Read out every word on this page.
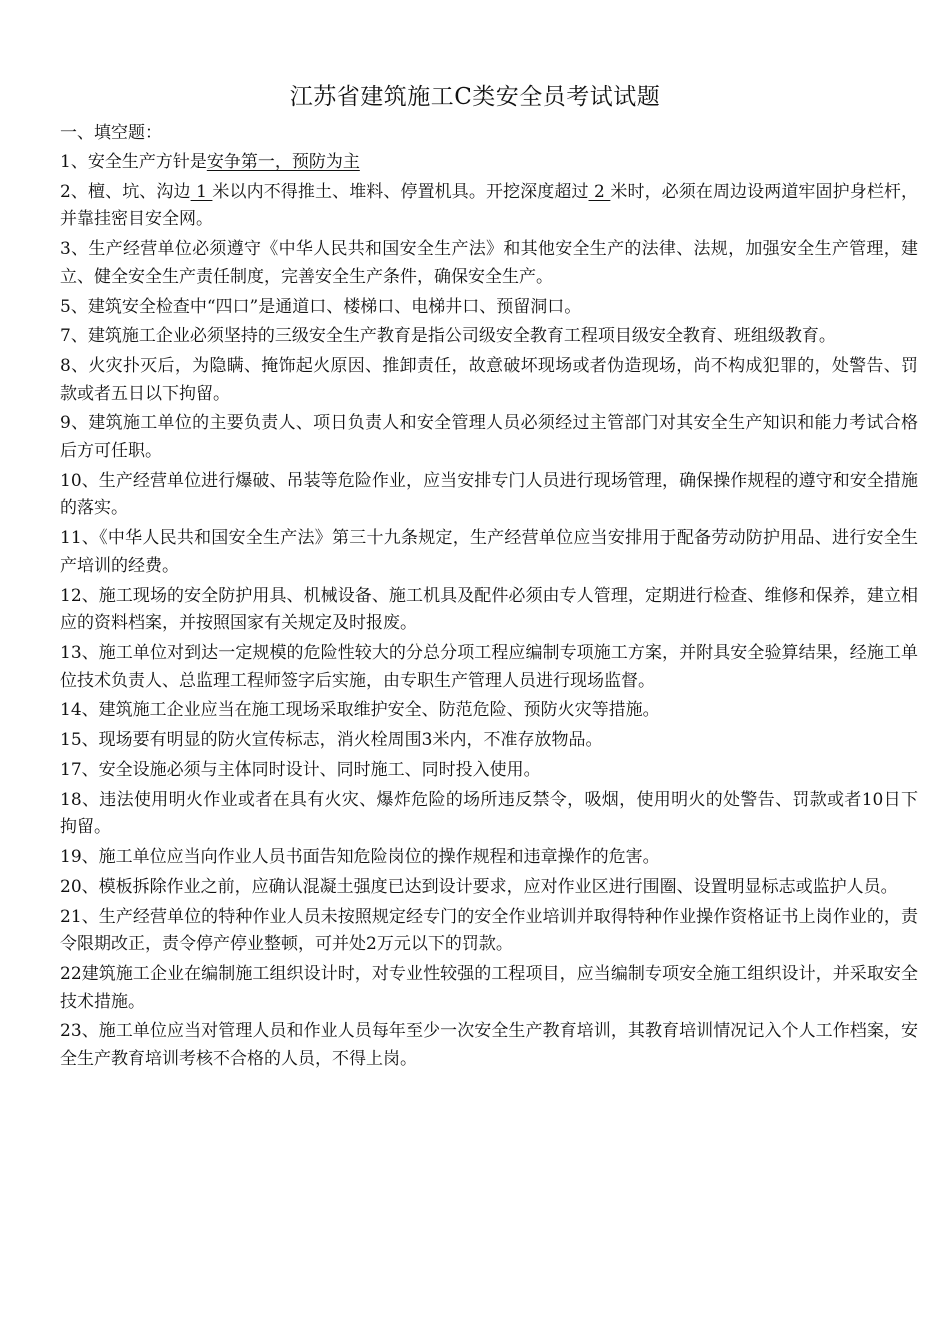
江苏省建筑施工C类安全员考试试题

一、填空题：

1、安全生产方针是安争第一，预防为主

2、檀、坑、沟边 1 米以内不得推土、堆料、停置机具。开挖深度超过 2 米时，必须在周边设两道牢固护身栏杆，并靠挂密目安全网。

3、生产经营单位必须遵守《中华人民共和国安全生产法》和其他安全生产的法律、法规，加强安全生产管理，建立、健全安全生产责任制度，完善安全生产条件，确保安全生产。

5、建筑安全检查中“四口”是通道口、楼梯口、电梯井口、预留洞口。

7、建筑施工企业必须坚持的三级安全生产教育是指公司级安全教育工程项目级安全教育、班组级教育。

8、火灾扑灭后，为隐瞒、掩饰起火原因、推卸责任，故意破坏现场或者伪造现场，尚不构成犯罪的，处警告、罚款或者五日以下拘留。

9、建筑施工单位的主要负责人、项日负责人和安全管理人员必须经过主管部门对其安全生产知识和能力考试合格后方可任职。

10、生产经营单位进行爆破、吊装等危险作业，应当安排专门人员进行现场管理，确保操作规程的遵守和安全措施的落实。

11、《中华人民共和国安全生产法》第三十九条规定，生产经营单位应当安排用于配备劳动防护用品、进行安全生产培训的经费。

12、施工现场的安全防护用具、机械设备、施工机具及配件必须由专人管理，定期进行检查、维修和保养，建立相应的资料档案，并按照国家有关规定及时报废。

13、施工单位对到达一定规模的危险性较大的分总分项工程应编制专项施工方案，并附具安全验算结果，经施工单位技术负责人、总监理工程师签字后实施，由专职生产管理人员进行现场监督。

14、建筑施工企业应当在施工现场采取维护安全、防范危险、预防火灾等措施。

15、现场要有明显的防火宣传标志，消火栓周围3米内，不准存放物品。

17、安全设施必须与主体同时设计、同时施工、同时投入使用。

18、违法使用明火作业或者在具有火灾、爆炸危险的场所违反禁令，吸烟，使用明火的处警告、罚款或者10日下拘留。

19、施工单位应当向作业人员书面告知危险岗位的操作规程和违章操作的危害。

20、模板拆除作业之前，应确认混凝土强度已达到设计要求，应对作业区进行围圈、设置明显标志或监护人员。

21、生产经营单位的特种作业人员未按照规定经专门的安全作业培训并取得特种作业操作资格证书上岗作业的，责令限期改正，责令停产停业整顿，可并处2万元以下的罚款。

22建筑施工企业在编制施工组织设计时，对专业性较强的工程项目，应当编制专项安全施工组织设计，并采取安全技术措施。

23、施工单位应当对管理人员和作业人员每年至少一次安全生产教育培训，其教育培训情况记入个人工作档案，安全生产教育培训考核不合格的人员，不得上岗。
